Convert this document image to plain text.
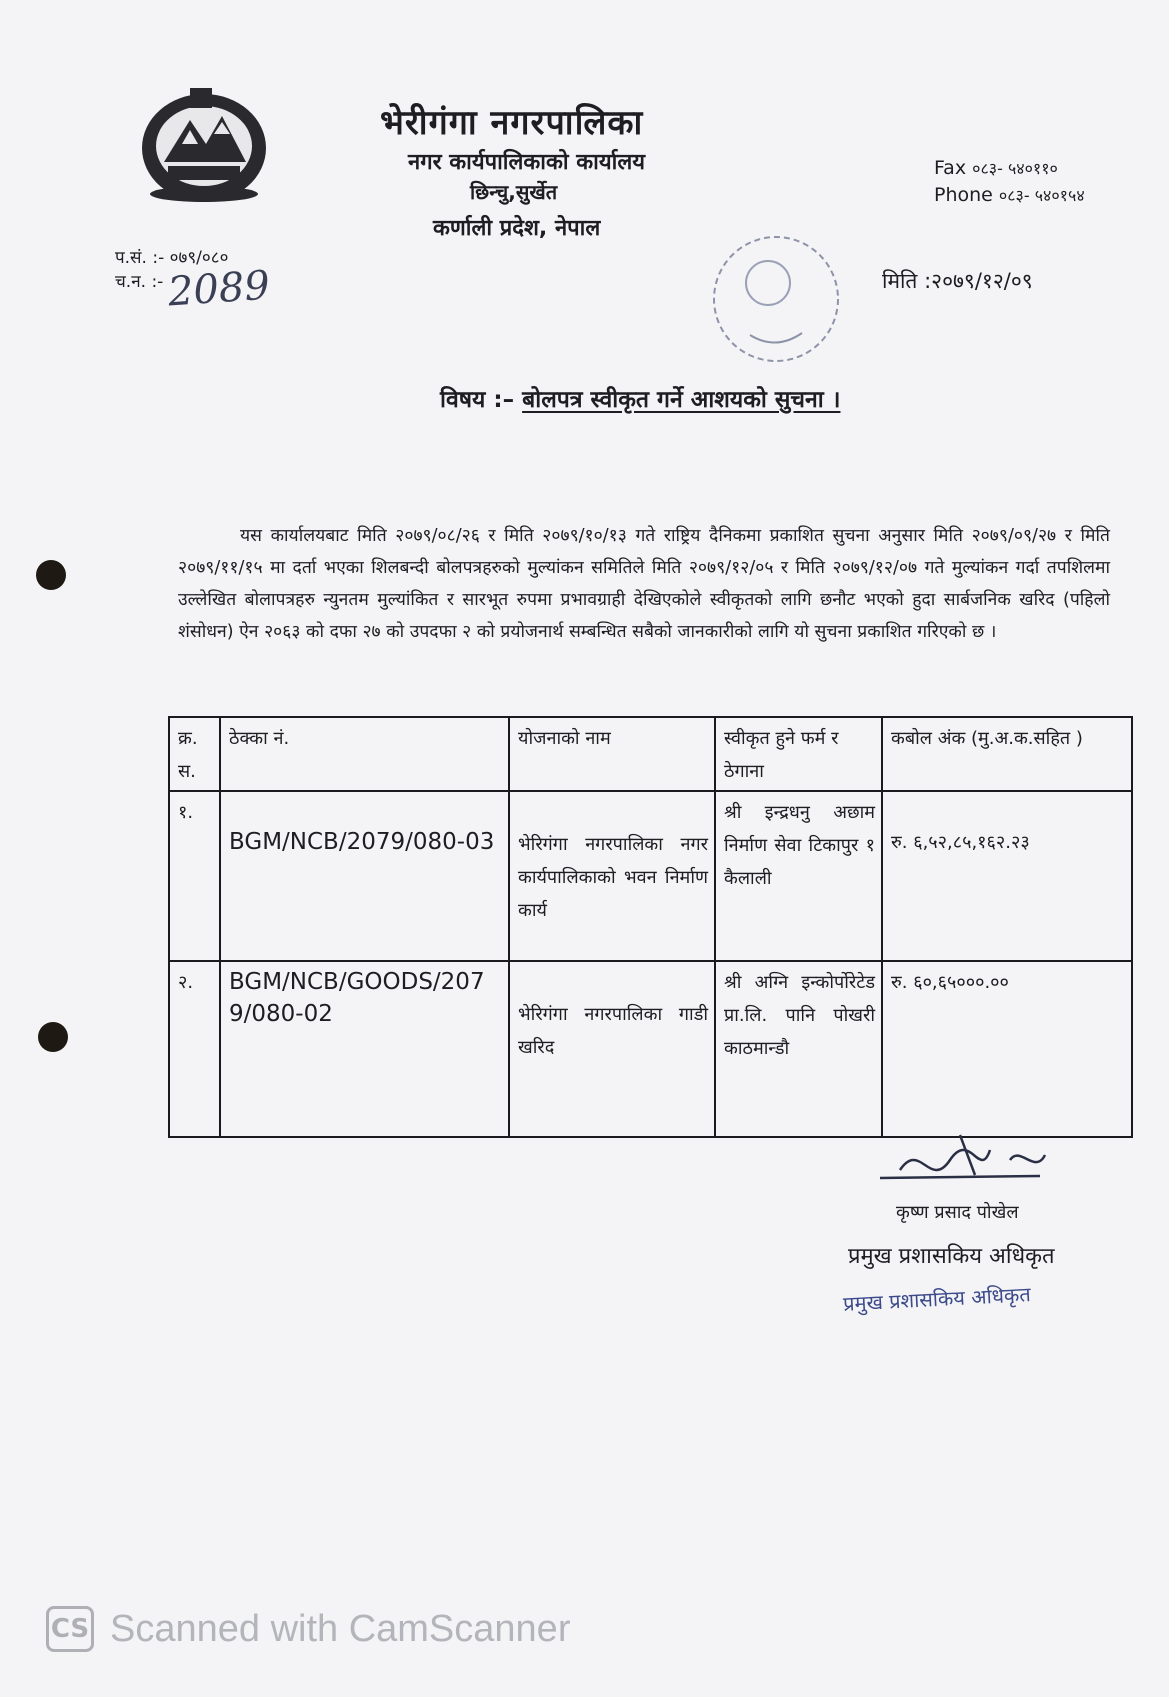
भेरीगंगा नगरपालिका
नगर कार्यपालिकाको कार्यालय
छिन्चु,सुर्खेत
कर्णाली प्रदेश, नेपाल
Fax ०८३- ५४०११०
Phone ०८३- ५४०१५४
प.सं. :- ०७९/०८०
च.न. :- 2089	मिति :२०७९/१२/०९
विषय :– बोलपत्र स्वीकृत गर्ने आशयको सुचना ।
यस कार्यालयबाट मिति २०७९/०८/२६ र मिति २०७९/१०/१३ गते राष्ट्रिय दैनिकमा प्रकाशित सुचना अनुसार मिति २०७९/०९/२७ र मिति २०७९/११/१५ मा दर्ता भएका शिलबन्दी बोलपत्रहरुको मुल्यांकन समितिले मिति २०७९/१२/०५ र मिति २०७९/१२/०७ गते मुल्यांकन गर्दा तपशिलमा उल्लेखित बोलापत्रहरु न्युनतम मुल्यांकित र सारभूत रुपमा प्रभावग्राही देखिएकोले स्वीकृतको लागि छनौट भएको हुदा सार्बजनिक खरिद (पहिलो शंसोधन) ऐन २०६३ को दफा २७ को उपदफा २ को प्रयोजनार्थ सम्बन्धित सबैको जानकारीको लागि यो सुचना प्रकाशित गरिएको छ ।
क्र. स.	ठेक्का नं.	योजनाको नाम	स्वीकृत हुने फर्म र ठेगाना	कबोल अंक (मु.अ.क.सहित )
१.	BGM/NCB/2079/080-03	भेरिगंगा नगरपालिका नगर कार्यपालिकाको भवन निर्माण कार्य	श्री इन्द्रधनु अछाम निर्माण सेवा टिकापुर १ कैलाली	रु. ६,५२,८५,१६२.२३
२.	BGM/NCB/GOODS/2079/080-02	भेरिगंगा नगरपालिका गाडी खरिद	श्री अग्नि इन्कोर्पोरेटेड प्रा.लि. पानि पोखरी काठमान्डौ	रु. ६०,६५०००.००
कृष्ण प्रसाद पोखेल
प्रमुख प्रशासकिय अधिकृत
प्रमुख प्रशासकिय अधिकृत
CS Scanned with CamScanner
